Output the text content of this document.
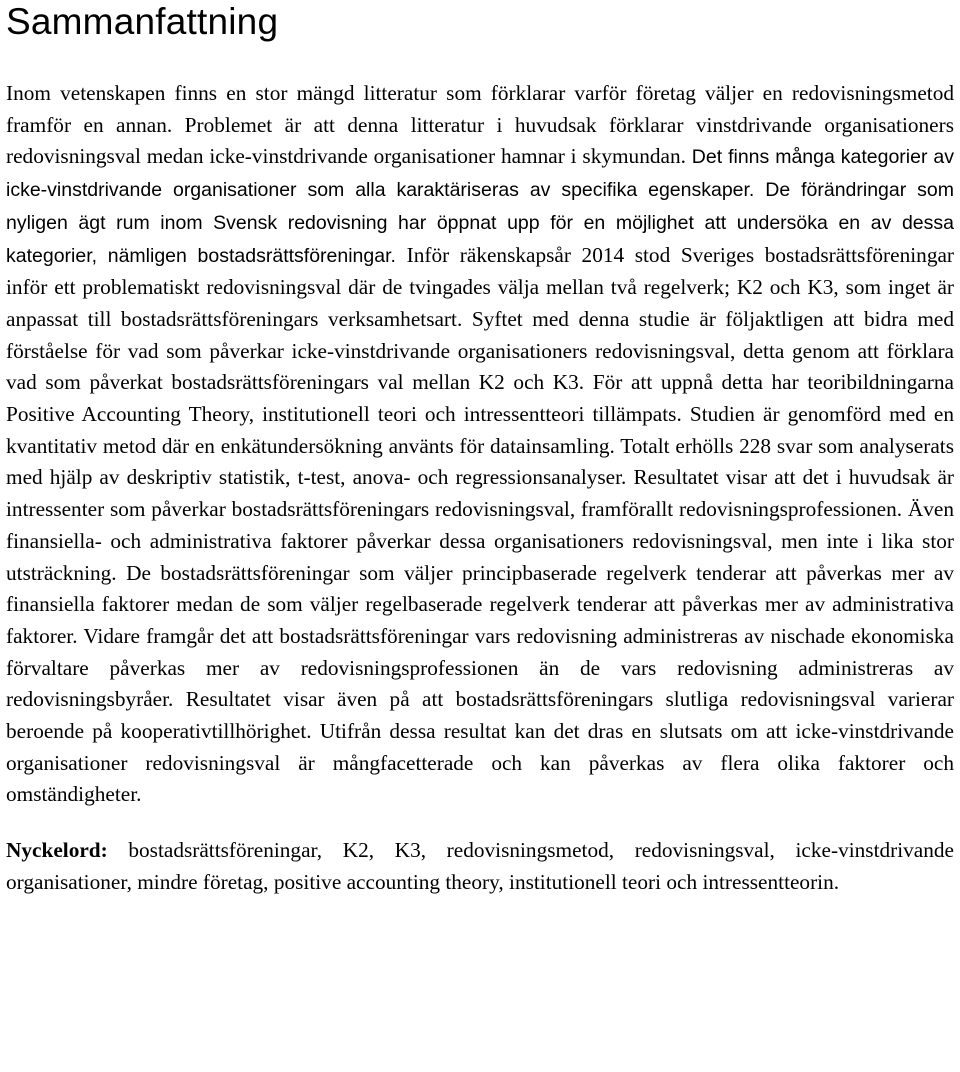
Sammanfattning

Inom vetenskapen finns en stor mängd litteratur som förklarar varför företag väljer en redovisningsmetod framför en annan. Problemet är att denna litteratur i huvudsak förklarar vinstdrivande organisationers redovisningsval medan icke-vinstdrivande organisationer hamnar i skymundan. Det finns många kategorier av icke-vinstdrivande organisationer som alla karaktäriseras av specifika egenskaper. De förändringar som nyligen ägt rum inom Svensk redovisning har öppnat upp för en möjlighet att undersöka en av dessa kategorier, nämligen bostadsrättsföreningar. Inför räkenskapsår 2014 stod Sveriges bostadsrättsföreningar inför ett problematiskt redovisningsval där de tvingades välja mellan två regelverk; K2 och K3, som inget är anpassat till bostadsrättsföreningars verksamhetsart. Syftet med denna studie är följaktligen att bidra med förståelse för vad som påverkar icke-vinstdrivande organisationers redovisningsval, detta genom att förklara vad som påverkat bostadsrättsföreningars val mellan K2 och K3. För att uppnå detta har teoribildningarna Positive Accounting Theory, institutionell teori och intressentteori tillämpats. Studien är genomförd med en kvantitativ metod där en enkätundersökning använts för datainsamling. Totalt erhölls 228 svar som analyserats med hjälp av deskriptiv statistik, t-test, anova- och regressionsanalyser. Resultatet visar att det i huvudsak är intressenter som påverkar bostadsrättsföreningars redovisningsval, framförallt redovisningsprofessionen. Även finansiella- och administrativa faktorer påverkar dessa organisationers redovisningsval, men inte i lika stor utsträckning. De bostadsrättsföreningar som väljer principbaserade regelverk tenderar att påverkas mer av finansiella faktorer medan de som väljer regelbaserade regelverk tenderar att påverkas mer av administrativa faktorer. Vidare framgår det att bostadsrättsföreningar vars redovisning administreras av nischade ekonomiska förvaltare påverkas mer av redovisningsprofessionen än de vars redovisning administreras av redovisningsbyråer. Resultatet visar även på att bostadsrättsföreningars slutliga redovisningsval varierar beroende på kooperativtillhörighet. Utifrån dessa resultat kan det dras en slutsats om att icke-vinstdrivande organisationer redovisningsval är mångfacetterade och kan påverkas av flera olika faktorer och omständigheter.

Nyckelord: bostadsrättsföreningar, K2, K3, redovisningsmetod, redovisningsval, icke-vinstdrivande organisationer, mindre företag, positive accounting theory, institutionell teori och intressentteorin.
